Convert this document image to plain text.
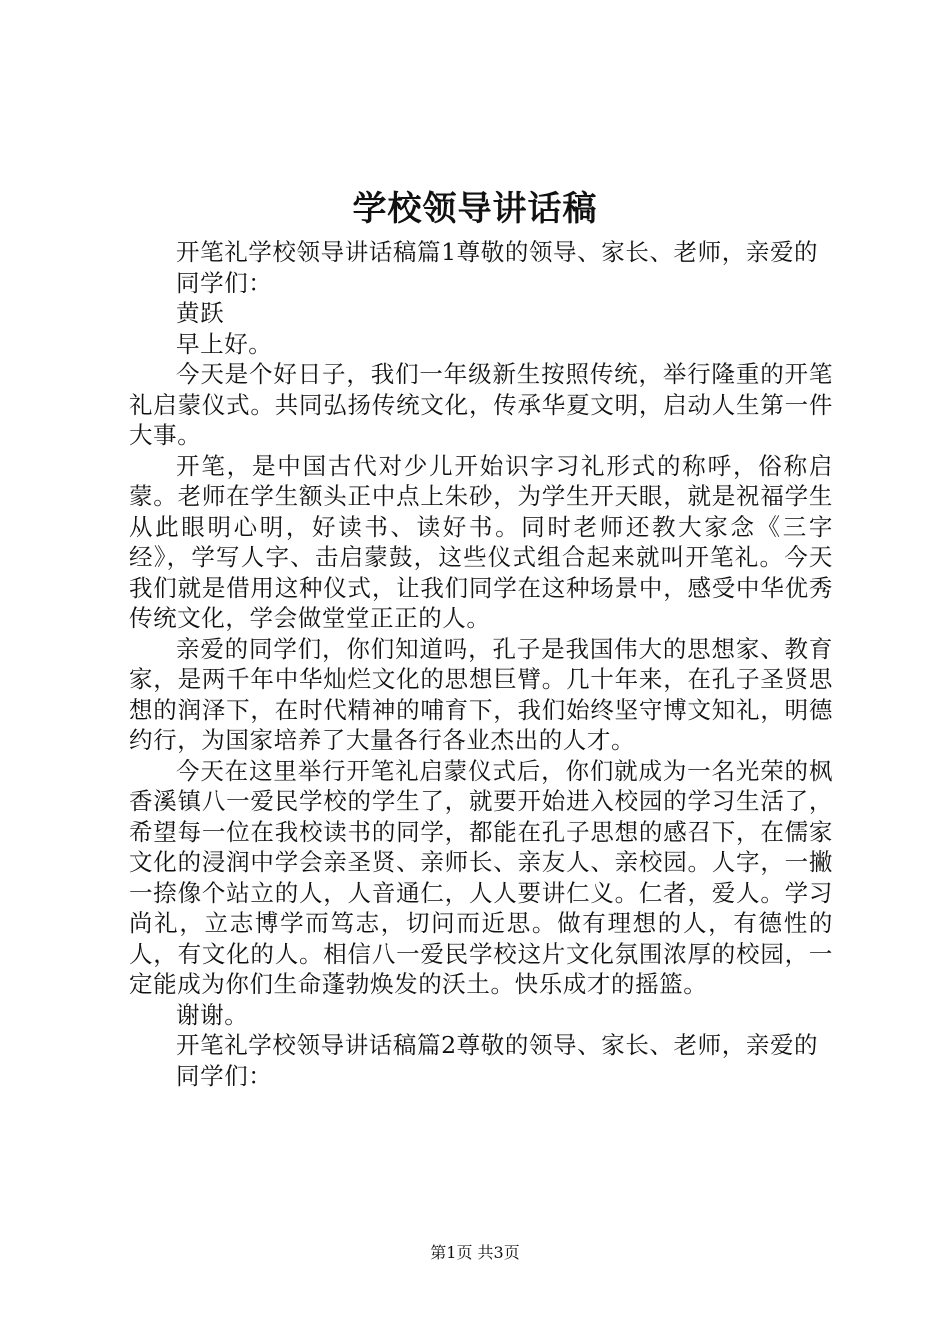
学校领导讲话稿

开笔礼学校领导讲话稿篇1尊敬的领导、家长、老师，亲爱的

同学们：

黄跃

早上好。

今天是个好日子，我们一年级新生按照传统，举行隆重的开笔礼启蒙仪式。共同弘扬传统文化，传承华夏文明，启动人生第一件大事。

开笔，是中国古代对少儿开始识字习礼形式的称呼，俗称启蒙。老师在学生额头正中点上朱砂，为学生开天眼，就是祝福学生从此眼明心明，好读书、读好书。同时老师还教大家念《三字经》，学写人字、击启蒙鼓，这些仪式组合起来就叫开笔礼。今天我们就是借用这种仪式，让我们同学在这种场景中，感受中华优秀传统文化，学会做堂堂正正的人。

亲爱的同学们，你们知道吗，孔子是我国伟大的思想家、教育家，是两千年中华灿烂文化的思想巨臂。几十年来，在孔子圣贤思想的润泽下，在时代精神的哺育下，我们始终坚守博文知礼，明德约行，为国家培养了大量各行各业杰出的人才。

今天在这里举行开笔礼启蒙仪式后，你们就成为一名光荣的枫香溪镇八一爱民学校的学生了，就要开始进入校园的学习生活了，希望每一位在我校读书的同学，都能在孔子思想的感召下，在儒家文化的浸润中学会亲圣贤、亲师长、亲友人、亲校园。人字，一撇一捺像个站立的人，人音通仁，人人要讲仁义。仁者，爱人。学习尚礼，立志博学而笃志，切问而近思。做有理想的人，有德性的人，有文化的人。相信八一爱民学校这片文化氛围浓厚的校园，一定能成为你们生命蓬勃焕发的沃土。快乐成才的摇篮。

谢谢。

开笔礼学校领导讲话稿篇2尊敬的领导、家长、老师，亲爱的

同学们：

第1页 共3页
